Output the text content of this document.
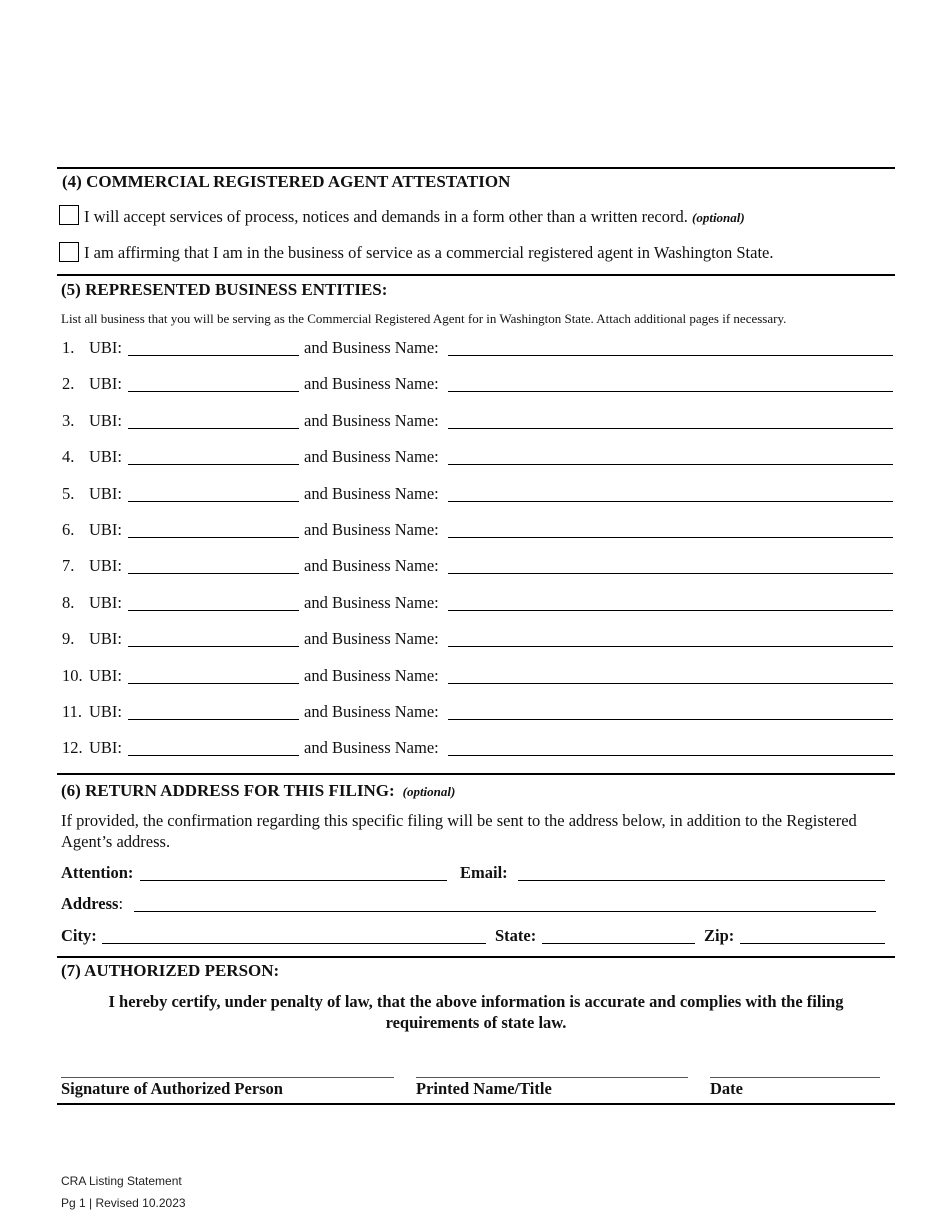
(4) COMMERCIAL REGISTERED AGENT ATTESTATION
I will accept services of process, notices and demands in a form other than a written record. (optional)
I am affirming that I am in the business of service as a commercial registered agent in Washington State.
(5) REPRESENTED BUSINESS ENTITIES:
List all business that you will be serving as the Commercial Registered Agent for in Washington State. Attach additional pages if necessary.
1. UBI:	and Business Name:
2. UBI:	and Business Name:
3. UBI:	and Business Name:
4. UBI:	and Business Name:
5. UBI:	and Business Name:
6. UBI:	and Business Name:
7. UBI:	and Business Name:
8. UBI:	and Business Name:
9. UBI:	and Business Name:
10. UBI:	and Business Name:
11. UBI:	and Business Name:
12. UBI:	and Business Name:
(6) RETURN ADDRESS FOR THIS FILING: (optional)
If provided, the confirmation regarding this specific filing will be sent to the address below, in addition to the Registered Agent’s address.
Attention:	Email:
Address:
City:	State:	Zip:
(7) AUTHORIZED PERSON:
I hereby certify, under penalty of law, that the above information is accurate and complies with the filing requirements of state law.
Signature of Authorized Person	Printed Name/Title	Date
CRA Listing Statement
Pg 1 | Revised 10.2023
